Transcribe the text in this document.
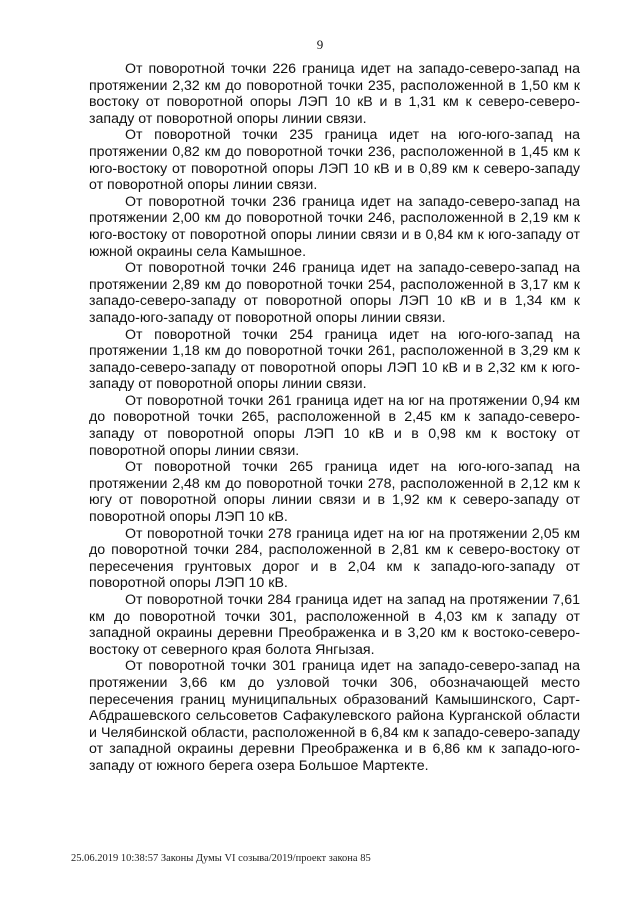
9

От поворотной точки 226 граница идет на западо-северо-запад на протяжении 2,32 км до поворотной точки 235, расположенной в 1,50 км к востоку от поворотной опоры ЛЭП 10 кВ и в 1,31 км к северо-северо-западу от поворотной опоры линии связи.

От поворотной точки 235 граница идет на юго-юго-запад на протяжении 0,82 км до поворотной точки 236, расположенной в 1,45 км к юго-востоку от поворотной опоры ЛЭП 10 кВ и в 0,89 км к северо-западу от поворотной опоры линии связи.

От поворотной точки 236 граница идет на западо-северо-запад на протяжении 2,00 км до поворотной точки 246, расположенной в 2,19 км к юго-востоку от поворотной опоры линии связи и в 0,84 км к юго-западу от южной окраины села Камышное.

От поворотной точки 246 граница идет на западо-северо-запад на протяжении 2,89 км до поворотной точки 254, расположенной в 3,17 км к западо-северо-западу от поворотной опоры ЛЭП 10 кВ и в 1,34 км к западо-юго-западу от поворотной опоры линии связи.

От поворотной точки 254 граница идет на юго-юго-запад на протяжении 1,18 км до поворотной точки 261, расположенной в 3,29 км к западо-северо-западу от поворотной опоры ЛЭП 10 кВ и в 2,32 км к юго-западу от поворотной опоры линии связи.

От поворотной точки 261 граница идет на юг на протяжении 0,94 км до поворотной точки 265, расположенной в 2,45 км к западо-северо-западу от поворотной опоры ЛЭП 10 кВ и в 0,98 км к востоку от поворотной опоры линии связи.

От поворотной точки 265 граница идет на юго-юго-запад на протяжении 2,48 км до поворотной точки 278, расположенной в 2,12 км к югу от поворотной опоры линии связи и в 1,92 км к северо-западу от поворотной опоры ЛЭП 10 кВ.

От поворотной точки 278 граница идет на юг на протяжении 2,05 км до поворотной точки 284, расположенной в 2,81 км к северо-востоку от пересечения грунтовых дорог и в 2,04 км к западо-юго-западу от поворотной опоры ЛЭП 10 кВ.

От поворотной точки 284 граница идет на запад на протяжении 7,61 км до поворотной точки 301, расположенной в 4,03 км к западу от западной окраины деревни Преображенка и в 3,20 км к востоко-северо-востоку от северного края болота Янгызая.

От поворотной точки 301 граница идет на западо-северо-запад на протяжении 3,66 км до узловой точки 306, обозначающей место пересечения границ муниципальных образований Камышинского, Сарт-Абдрашевского сельсоветов Сафакулевского района Курганской области и Челябинской области, расположенной в 6,84 км к западо-северо-западу от западной окраины деревни Преображенка и в 6,86 км к западо-юго-западу от южного берега озера Большое Мартекте.

25.06.2019 10:38:57 Законы Думы VI созыва/2019/проект закона 85
